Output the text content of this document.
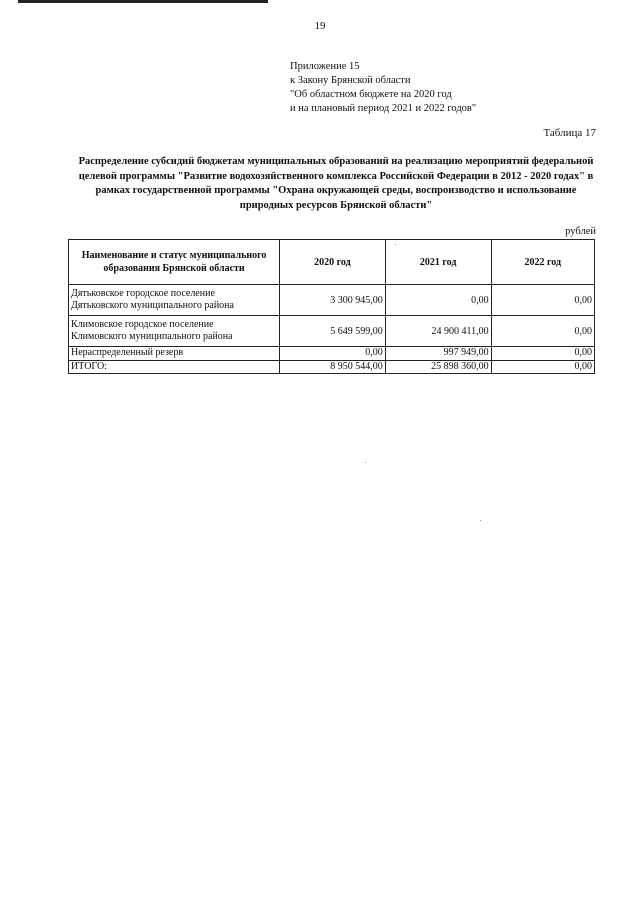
19
Приложение 15
к Закону Брянской области
"Об областном бюджете на 2020 год
и на плановый период 2021 и 2022 годов"
Таблица 17
Распределение субсидий бюджетам муниципальных образований на реализацию мероприятий федеральной целевой программы "Развитие водохозяйственного комплекса Российской Федерации в 2012 - 2020 годах" в рамках государственной программы "Охрана окружающей среды, воспроизводство и использование природных ресурсов Брянской области"
рублей
Наименование и статус муниципального образования Брянской области	2020 год	2021 год	2022 год

Дятьковское городское поселение
Дятьковского муниципального района	3 300 945,00	0,00	0,00

Климовское городское поселение
Климовского муниципального района	5 649 599,00	24 900 411,00	0,00
Нераспределенный резерв	0,00	997 949,00	0,00
ИТОГО:	8 950 544,00	25 898 360,00	0,00
